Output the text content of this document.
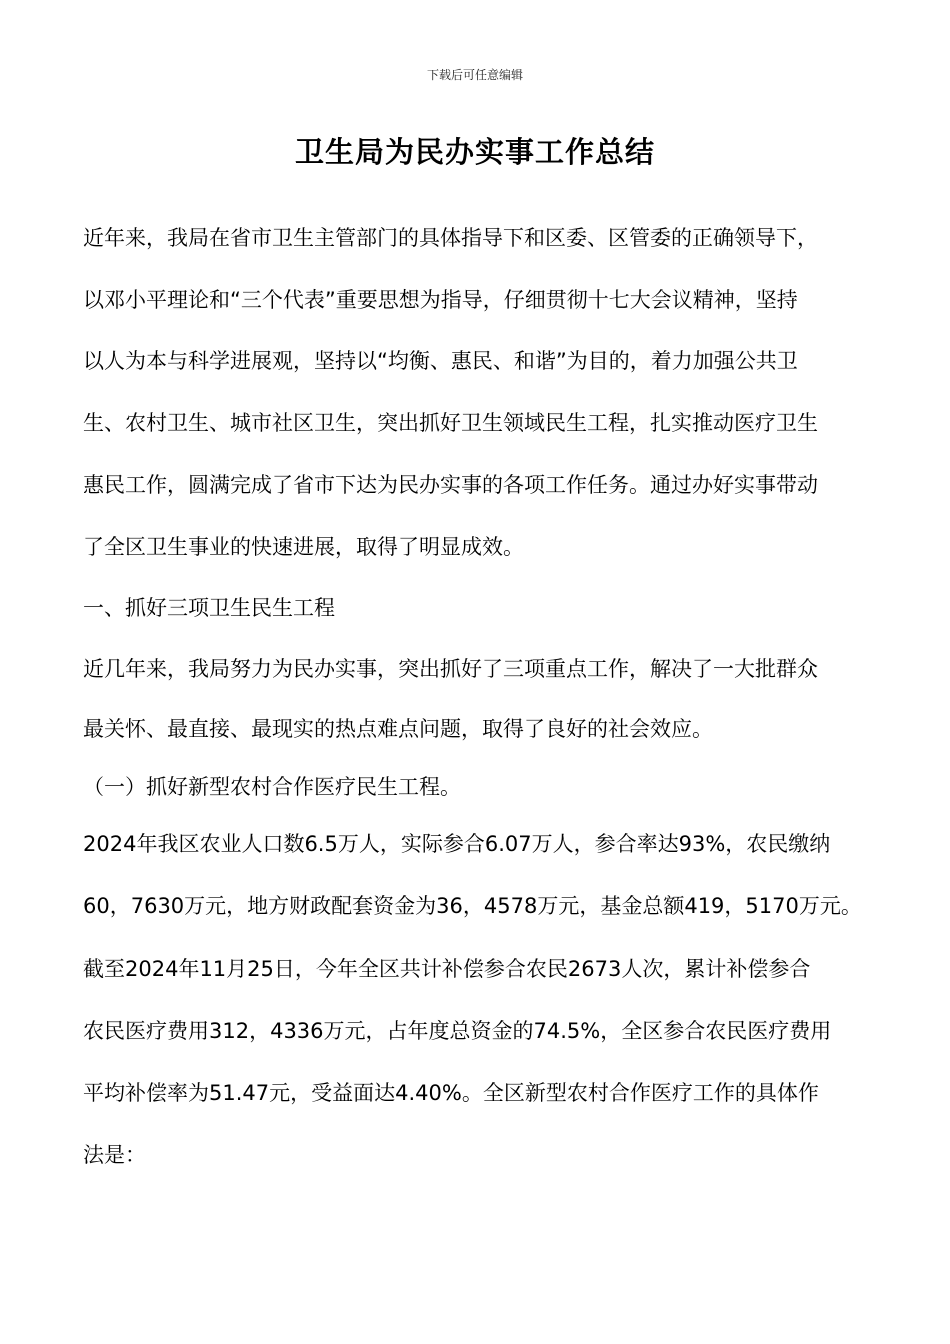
下载后可任意编辑
卫生局为民办实事工作总结
近年来，我局在省市卫生主管部门的具体指导下和区委、区管委的正确领导下，
以邓小平理论和“三个代表”重要思想为指导，仔细贯彻十七大会议精神，坚持
以人为本与科学进展观，坚持以“均衡、惠民、和谐”为目的，着力加强公共卫
生、农村卫生、城市社区卫生，突出抓好卫生领域民生工程，扎实推动医疗卫生
惠民工作，圆满完成了省市下达为民办实事的各项工作任务。通过办好实事带动
了全区卫生事业的快速进展，取得了明显成效。
一、抓好三项卫生民生工程
近几年来，我局努力为民办实事，突出抓好了三项重点工作，解决了一大批群众
最关怀、最直接、最现实的热点难点问题，取得了良好的社会效应。
（一）抓好新型农村合作医疗民生工程。
2024年我区农业人口数6.5万人，实际参合6.07万人，参合率达93%，农民缴纳
60，7630万元，地方财政配套资金为36，4578万元，基金总额419，5170万元。
截至2024年11月25日，今年全区共计补偿参合农民2673人次，累计补偿参合
农民医疗费用312，4336万元，占年度总资金的74.5%，全区参合农民医疗费用
平均补偿率为51.47元，受益面达4.40%。全区新型农村合作医疗工作的具体作
法是：
